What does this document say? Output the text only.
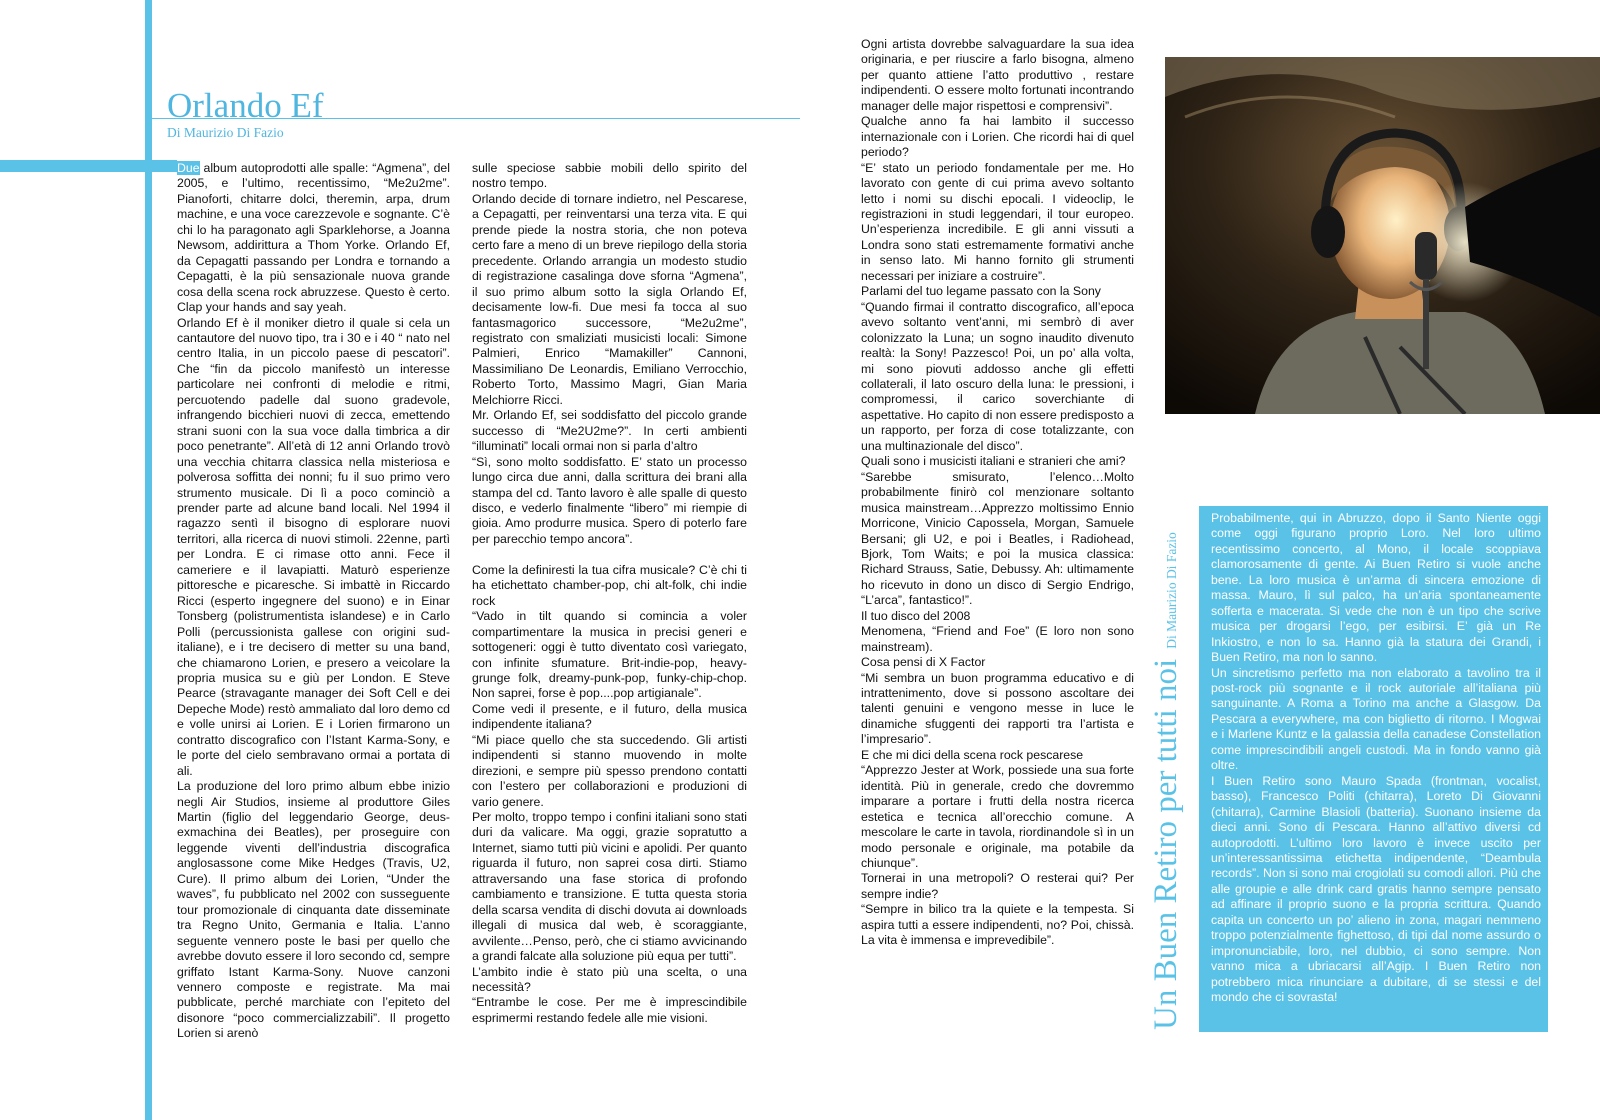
Orlando Ef
Di Maurizio Di Fazio

Due album autoprodotti alle spalle: “Agmena”, del 2005, e l’ultimo, recentissimo, “Me2u2me”. Pianoforti, chitarre dolci, theremin, arpa, drum machine, e una voce carezzevole e sognante. C’è chi lo ha paragonato agli Sparklehorse, a Joanna Newsom, addirittura a Thom Yorke. Orlando Ef, da Cepagatti passando per Londra e tornando a Cepagatti, è la più sensazionale nuova grande cosa della scena rock abruzzese. Questo è certo. Clap your hands and say yeah.

Orlando Ef è il moniker dietro il quale si cela un cantautore del nuovo tipo, tra i 30 e i 40 “ nato nel centro Italia, in un piccolo paese di pescatori”. Che “fin da piccolo manifestò un interesse particolare nei confronti di melodie e ritmi, percuotendo padelle dal suono gradevole, infrangendo bicchieri nuovi di zecca, emettendo strani suoni con la sua voce dalla timbrica a dir poco penetrante”. All’età di 12 anni Orlando trovò una vecchia chitarra classica nella misteriosa e polverosa soffitta dei nonni; fu il suo primo vero strumento musicale. Di lì a poco cominciò a prender parte ad alcune band locali. Nel 1994 il ragazzo sentì il bisogno di esplorare nuovi territori, alla ricerca di nuovi stimoli. 22enne, partì per Londra. E ci rimase otto anni. Fece il cameriere e il lavapiatti. Maturò esperienze pittoresche e picaresche. Si imbattè in Riccardo Ricci (esperto ingegnere del suono) e in Einar Tonsberg (polistrumentista islandese) e in Carlo Polli (percussionista gallese con origini sud-italiane), e i tre decisero di metter su una band, che chiamarono Lorien, e presero a veicolare la propria musica su e giù per London. E Steve Pearce (stravagante manager dei Soft Cell e dei Depeche Mode) restò ammaliato dal loro demo cd e volle unirsi ai Lorien. E i Lorien firmarono un contratto discografico con l’Istant Karma-Sony, e le porte del cielo sembravano ormai a portata di ali.

La produzione del loro primo album ebbe inizio negli Air Studios, insieme al produttore Giles Martin (figlio del leggendario George, deus-exmachina dei Beatles), per proseguire con leggende viventi dell’industria discografica anglosassone come Mike Hedges (Travis, U2, Cure). Il primo album dei Lorien, “Under the waves”, fu pubblicato nel 2002 con susseguente tour promozionale di cinquanta date disseminate tra Regno Unito, Germania e Italia. L’anno seguente vennero poste le basi per quello che avrebbe dovuto essere il loro secondo cd, sempre griffato Istant Karma-Sony. Nuove canzoni vennero composte e registrate. Ma mai pubblicate, perché marchiate con l’epiteto del disonore “poco commercializzabili”. Il progetto Lorien si arenò

sulle speciose sabbie mobili dello spirito del nostro tempo.

Orlando decide di tornare indietro, nel Pescarese, a Cepagatti, per reinventarsi una terza vita. E qui prende piede la nostra storia, che non poteva certo fare a meno di un breve riepilogo della storia precedente. Orlando arrangia un modesto studio di registrazione casalinga dove sforna “Agmena”, il suo primo album sotto la sigla Orlando Ef, decisamente low-fi. Due mesi fa tocca al suo fantasmagorico successore, “Me2u2me”, registrato con smaliziati musicisti locali: Simone Palmieri, Enrico “Mamakiller” Cannoni, Massimiliano De Leonardis, Emiliano Verrocchio, Roberto Torto, Massimo Magri, Gian Maria Melchiorre Ricci.

Mr. Orlando Ef, sei soddisfatto del piccolo grande successo di “Me2U2me?”. In certi ambienti “illuminati” locali ormai non si parla d’altro

“Sì, sono molto soddisfatto. E’ stato un processo lungo circa due anni, dalla scrittura dei brani alla stampa del cd. Tanto lavoro è alle spalle di questo disco, e vederlo finalmente “libero” mi riempie di gioia. Amo produrre musica. Spero di poterlo fare per parecchio tempo ancora”.

Come la definiresti la tua cifra musicale? C’è chi ti ha etichettato chamber-pop, chi alt-folk, chi indie rock

“Vado in tilt quando si comincia a voler compartimentare la musica in precisi generi e sottogeneri: oggi è tutto diventato così variegato, con infinite sfumature. Brit-indie-pop, heavy-grunge folk, dreamy-punk-pop, funky-chip-chop. Non saprei, forse è pop....pop artigianale”.

Come vedi il presente, e il futuro, della musica indipendente italiana?

“Mi piace quello che sta succedendo. Gli artisti indipendenti si stanno muovendo in molte direzioni, e sempre più spesso prendono contatti con l’estero per collaborazioni e produzioni di vario genere.

Per molto, troppo tempo i confini italiani sono stati duri da valicare. Ma oggi, grazie sopratutto a Internet, siamo tutti più vicini e apolidi. Per quanto riguarda il futuro, non saprei cosa dirti. Stiamo attraversando una fase storica di profondo cambiamento e transizione. E tutta questa storia della scarsa vendita di dischi dovuta ai downloads illegali di musica dal web, è scoraggiante, avvilente…Penso, però, che ci stiamo avvicinando a grandi falcate alla soluzione più equa per tutti”.

L’ambito indie è stato più una scelta, o una necessità?

“Entrambe le cose. Per me è imprescindibile esprimermi restando fedele alle mie visioni.

Ogni artista dovrebbe salvaguardare la sua idea originaria, e per riuscire a farlo bisogna, almeno per quanto attiene l’atto produttivo , restare indipendenti. O essere molto fortunati incontrando manager delle major rispettosi e comprensivi”.

Qualche anno fa hai lambito il successo internazionale con i Lorien. Che ricordi hai di quel periodo?

“E’ stato un periodo fondamentale per me. Ho lavorato con gente di cui prima avevo soltanto letto i nomi su dischi epocali. I videoclip, le registrazioni in studi leggendari, il tour europeo. Un’esperienza incredibile. E gli anni vissuti a Londra sono stati estremamente formativi anche in senso lato. Mi hanno fornito gli strumenti necessari per iniziare a costruire”.

Parlami del tuo legame passato con la Sony

“Quando firmai il contratto discografico, all’epoca avevo soltanto vent’anni, mi sembrò di aver colonizzato la Luna; un sogno inaudito divenuto realtà: la Sony! Pazzesco! Poi, un po’ alla volta, mi sono piovuti addosso anche gli effetti collaterali, il lato oscuro della luna: le pressioni, i compromessi, il carico soverchiante di aspettative. Ho capito di non essere predisposto a un rapporto, per forza di cose totalizzante, con una multinazionale del disco”.

Quali sono i musicisti italiani e stranieri che ami?

“Sarebbe smisurato, l’elenco…Molto probabilmente finirò col menzionare soltanto musica mainstream…Apprezzo moltissimo Ennio Morricone, Vinicio Capossela, Morgan, Samuele Bersani; gli U2, e poi i Beatles, i Radiohead, Bjork, Tom Waits; e poi la musica classica: Richard Strauss, Satie, Debussy. Ah: ultimamente ho ricevuto in dono un disco di Sergio Endrigo, “L’arca”, fantastico!”.

Il tuo disco del 2008

Menomena, “Friend and Foe” (E loro non sono mainstream).

Cosa pensi di X Factor

“Mi sembra un buon programma educativo e di intrattenimento, dove si possono ascoltare dei talenti genuini e vengono messe in luce le dinamiche sfuggenti dei rapporti tra l’artista e l’impresario”.

E che mi dici della scena rock pescarese

“Apprezzo Jester at Work, possiede una sua forte identità. Più in generale, credo che dovremmo imparare a portare i frutti della nostra ricerca estetica e tecnica all’orecchio comune. A mescolare le carte in tavola, riordinandole sì in un modo personale e originale, ma potabile da chiunque”.

Tornerai in una metropoli? O resterai qui? Per sempre indie?

“Sempre in bilico tra la quiete e la tempesta. Si aspira tutti a essere indipendenti, no? Poi, chissà. La vita è immensa e imprevedibile”.	Un Buen Retiro per tutti noiDi Maurizio Di Fazio

Probabilmente, qui in Abruzzo, dopo il Santo Niente oggi come oggi figurano proprio Loro. Nel loro ultimo recentissimo concerto, al Mono, il locale scoppiava clamorosamente di gente. Ai Buen Retiro si vuole anche bene. La loro musica è un’arma di sincera emozione di massa. Mauro, lì sul palco, ha un’aria spontaneamente sofferta e macerata. Si vede che non è un tipo che scrive musica per drogarsi l’ego, per esibirsi. E’ già un Re Inkiostro, e non lo sa. Hanno già la statura dei Grandi, i Buen Retiro, ma non lo sanno.

Un sincretismo perfetto ma non elaborato a tavolino tra il post-rock più sognante e il rock autoriale all’italiana più sanguinante. A Roma a Torino ma anche a Glasgow. Da Pescara a everywhere, ma con biglietto di ritorno. I Mogwai e i Marlene Kuntz e la galassia della canadese Constellation come imprescindibili angeli custodi. Ma in fondo vanno già oltre.

I Buen Retiro sono Mauro Spada (frontman, vocalist, basso), Francesco Politi (chitarra), Loreto Di Giovanni (chitarra), Carmine Blasioli (batteria). Suonano insieme da dieci anni. Sono di Pescara. Hanno all’attivo diversi cd autoprodotti. L’ultimo loro lavoro è invece uscito per un’interessantissima etichetta indipendente, “Deambula records”. Non si sono mai crogiolati su comodi allori. Più che alle groupie e alle drink card gratis hanno sempre pensato ad affinare il proprio suono e la propria scrittura. Quando capita un concerto un po’ alieno in zona, magari nemmeno troppo potenzialmente fighettoso, di tipi dal nome assurdo o impronunciabile, loro, nel dubbio, ci sono sempre. Non vanno mica a ubriacarsi all’Agip. I Buen Retiro non potrebbero mica rinunciare a dubitare, di se stessi e del mondo che ci sovrasta!
